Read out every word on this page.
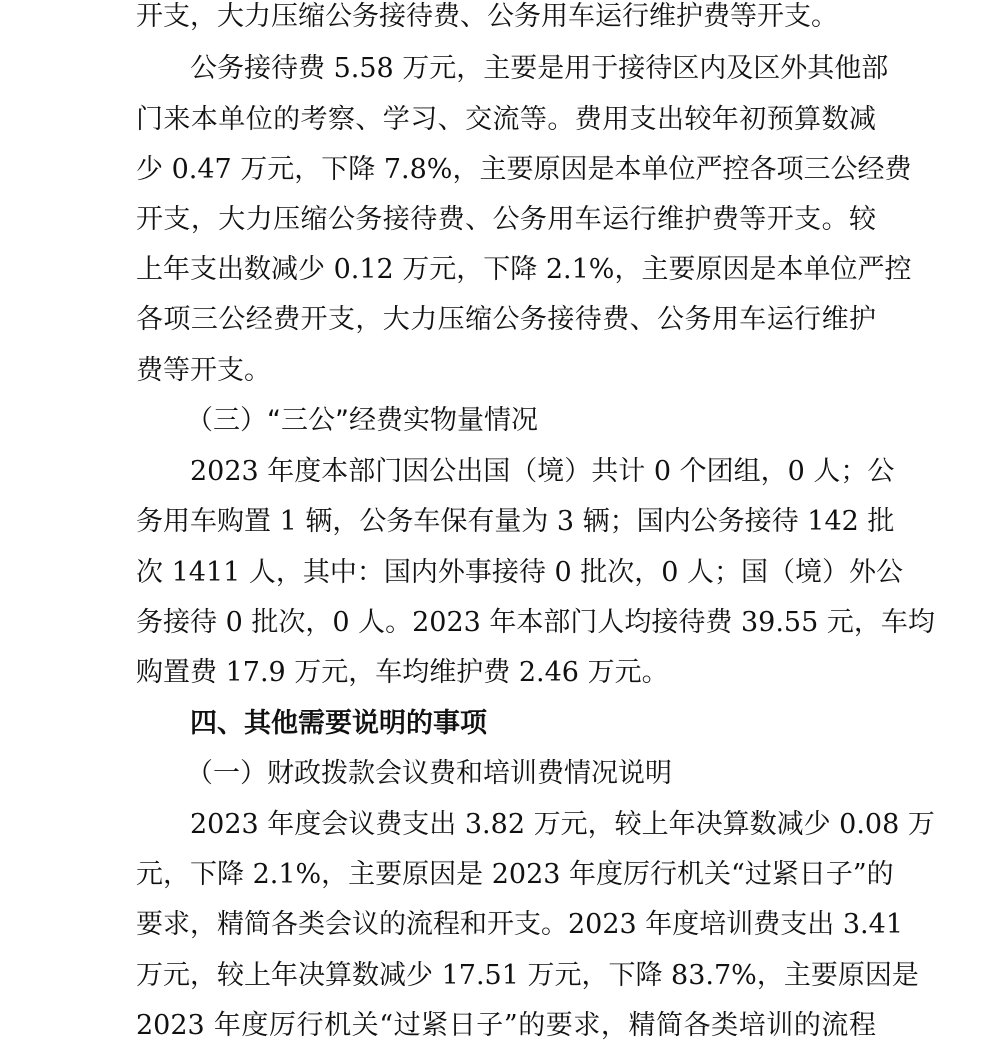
开支，大力压缩公务接待费、公务用车运行维护费等开支。
公务接待费 5.58 万元，主要是用于接待区内及区外其他部
门来本单位的考察、学习、交流等。费用支出较年初预算数减
少 0.47 万元，下降 7.8%，主要原因是本单位严控各项三公经费
开支，大力压缩公务接待费、公务用车运行维护费等开支。较
上年支出数减少 0.12 万元，下降 2.1%，主要原因是本单位严控
各项三公经费开支，大力压缩公务接待费、公务用车运行维护
费等开支。
（三）“三公”经费实物量情况
2023 年度本部门因公出国（境）共计 0 个团组，0 人；公
务用车购置 1 辆，公务车保有量为 3 辆；国内公务接待 142 批
次 1411 人，其中：国内外事接待 0 批次，0 人；国（境）外公
务接待 0 批次，0 人。2023 年本部门人均接待费 39.55 元，车均
购置费 17.9 万元，车均维护费 2.46 万元。
四、其他需要说明的事项
（一）财政拨款会议费和培训费情况说明
2023 年度会议费支出 3.82 万元，较上年决算数减少 0.08 万
元，下降 2.1%，主要原因是 2023 年度厉行机关“过紧日子”的
要求，精简各类会议的流程和开支。2023 年度培训费支出 3.41
万元，较上年决算数减少 17.51 万元，下降 83.7%，主要原因是
2023 年度厉行机关“过紧日子”的要求，精简各类培训的流程
